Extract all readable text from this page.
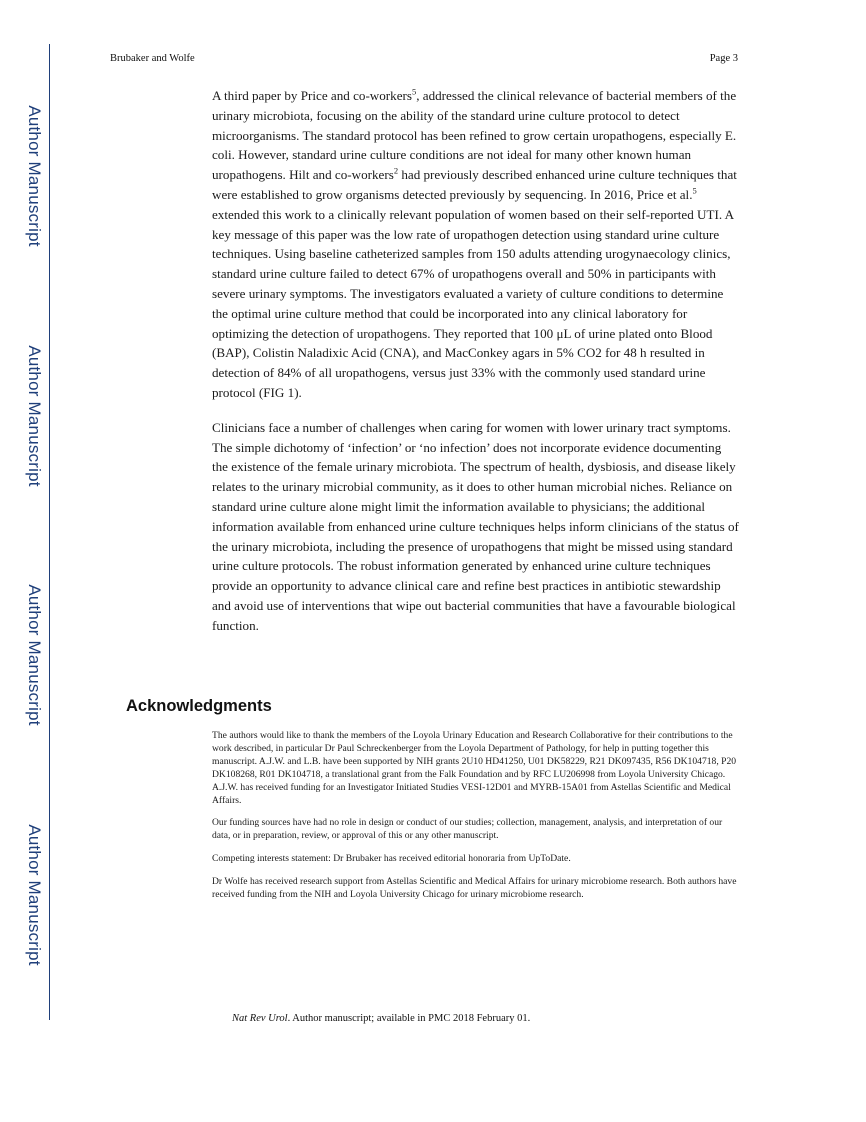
Author Manuscript
Author Manuscript
Author Manuscript
Author Manuscript
Brubaker and Wolfe	Page 3

A third paper by Price and co-workers$^5$, addressed the clinical relevance of bacterial members of the urinary microbiota, focusing on the ability of the standard urine culture protocol to detect microorganisms. The standard protocol has been refined to grow certain uropathogens, especially E. coli. However, standard urine culture conditions are not ideal for many other known human uropathogens. Hilt and co-workers$^2$ had previously described enhanced urine culture techniques that were established to grow organisms detected previously by sequencing. In 2016, Price et al.$^5$ extended this work to a clinically relevant population of women based on their self-reported UTI. A key message of this paper was the low rate of uropathogen detection using standard urine culture techniques. Using baseline catheterized samples from 150 adults attending urogynaecology clinics, standard urine culture failed to detect 67% of uropathogens overall and 50% in participants with severe urinary symptoms. The investigators evaluated a variety of culture conditions to determine the optimal urine culture method that could be incorporated into any clinical laboratory for optimizing the detection of uropathogens. They reported that 100 μL of urine plated onto Blood (BAP), Colistin Naladixic Acid (CNA), and MacConkey agars in 5% CO2 for 48 h resulted in detection of 84% of all uropathogens, versus just 33% with the commonly used standard urine protocol (FIG 1).

Clinicians face a number of challenges when caring for women with lower urinary tract symptoms. The simple dichotomy of ‘infection’ or ‘no infection’ does not incorporate evidence documenting the existence of the female urinary microbiota. The spectrum of health, dysbiosis, and disease likely relates to the urinary microbial community, as it does to other human microbial niches. Reliance on standard urine culture alone might limit the information available to physicians; the additional information available from enhanced urine culture techniques helps inform clinicians of the status of the urinary microbiota, including the presence of uropathogens that might be missed using standard urine culture protocols. The robust information generated by enhanced urine culture techniques provide an opportunity to advance clinical care and refine best practices in antibiotic stewardship and avoid use of interventions that wipe out bacterial communities that have a favourable biological function.

Acknowledgments

The authors would like to thank the members of the Loyola Urinary Education and Research Collaborative for their contributions to the work described, in particular Dr Paul Schreckenberger from the Loyola Department of Pathology, for help in putting together this manuscript. A.J.W. and L.B. have been supported by NIH grants 2U10 HD41250, U01 DK58229, R21 DK097435, R56 DK104718, P20 DK108268, R01 DK104718, a translational grant from the Falk Foundation and by RFC LU206998 from Loyola University Chicago. A.J.W. has received funding for an Investigator Initiated Studies VESI-12D01 and MYRB-15A01 from Astellas Scientific and Medical Affairs.

Our funding sources have had no role in design or conduct of our studies; collection, management, analysis, and interpretation of our data, or in preparation, review, or approval of this or any other manuscript.

Competing interests statement: Dr Brubaker has received editorial honoraria from UpToDate.

Dr Wolfe has received research support from Astellas Scientific and Medical Affairs for urinary microbiome research. Both authors have received funding from the NIH and Loyola University Chicago for urinary microbiome research.

Nat Rev Urol. Author manuscript; available in PMC 2018 February 01.
